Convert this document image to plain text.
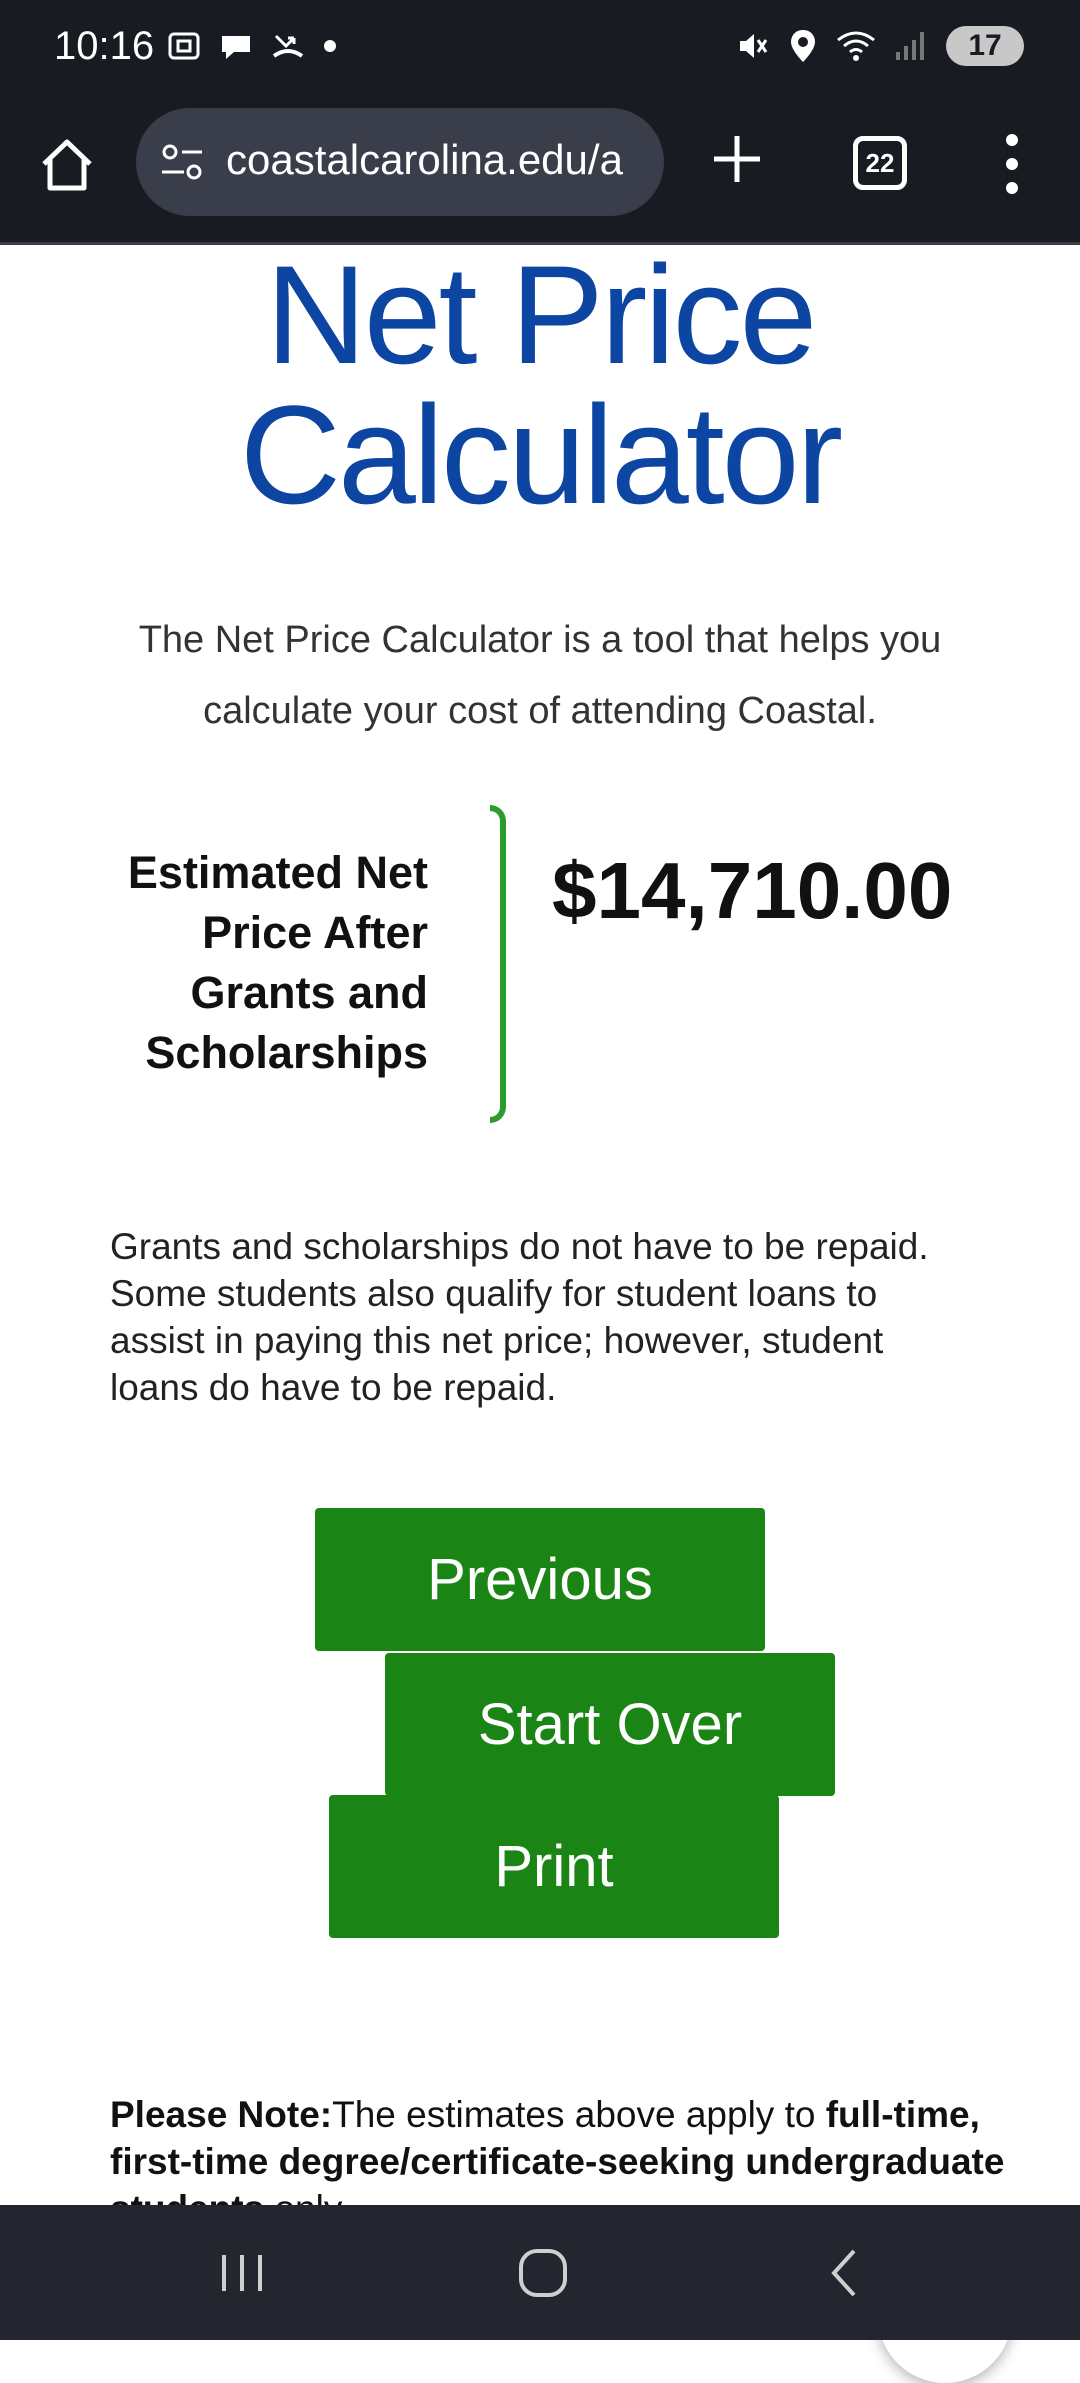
10:16	17
coastalcarolina.edu/a	22
Net Price
Calculator
The Net Price Calculator is a tool that helps you calculate your cost of attending Coastal.
Estimated Net Price After Grants and Scholarships
$14,710.00
Grants and scholarships do not have to be repaid. Some students also qualify for student loans to assist in paying this net price; however, student loans do have to be repaid.
Previous
Start Over
Print
Please Note:The estimates above apply to full-time, first-time degree/certificate-seeking undergraduate
